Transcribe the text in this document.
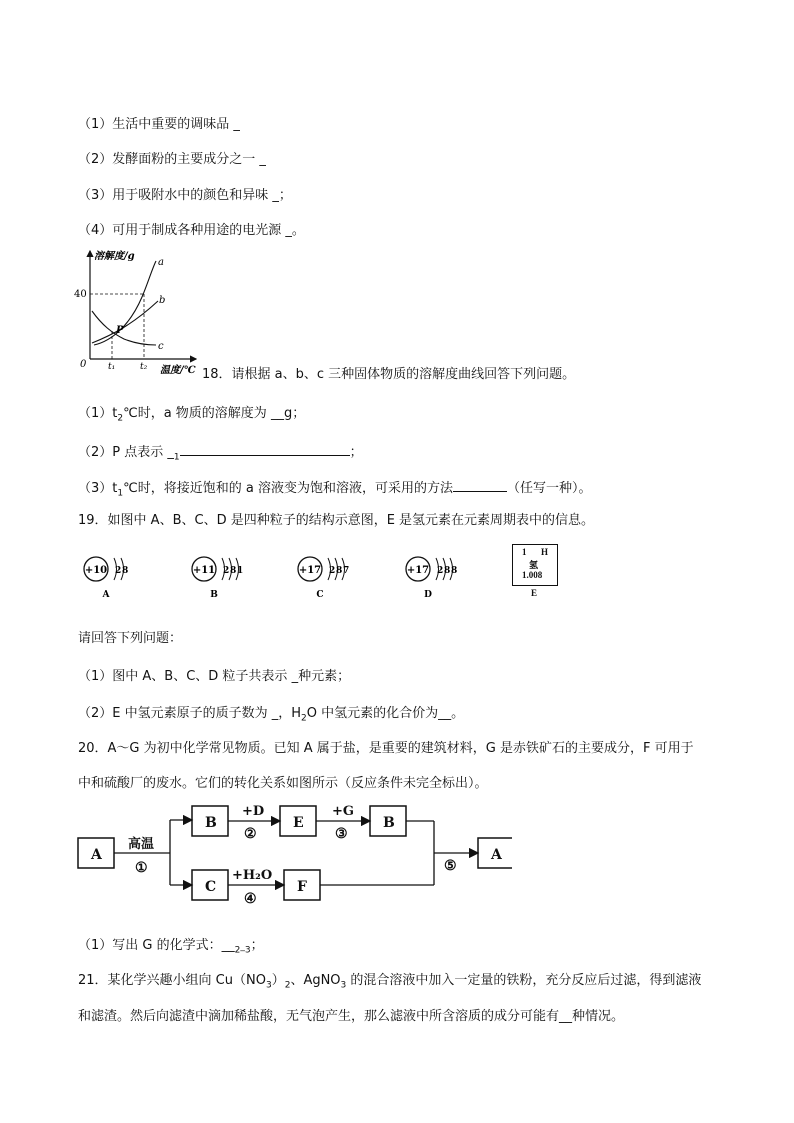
（1）生活中重要的调味品 _
（2）发酵面粉的主要成分之一 _
（3）用于吸附水中的颜色和异味 _；
（4）可用于制成各种用途的电光源 _。
溶解度/g
0
40
a
b
c
P
t₁	t₂ 温度/℃ 18．请根据 a、b、c 三种固体物质的溶解度曲线回答下列问题。
$(1)t_2℃$时，a 物质的溶解度为 __g；
（2）P 点表示 $\__1$	；
$(3)t_1℃$时，将接近饱和的 a 溶液变为饱和溶液，可采用的方法	（任写一种）。
19．如图中 A、B、C、D 是四种粒子的结构示意图，E 是氢元素在元素周期表中的信息。
+10 2 8
A
+11 2 8 1
B
+17 2 8 7
C
+17 2 8 8
D
1 H
氢
1.008
E
请回答下列问题：
（1）图中 A、B、C、D 粒子共表示 _种元素；
（2）E 中氢元素原子的质子数为 _，$H_2O$ 中氢元素的化合价为__。
20．A～G 为初中化学常见物质。已知 A 属于盐，是重要的建筑材料，G 是赤铁矿石的主要成分，F 可用于
中和硫酸厂的废水。它们的转化关系如图所示（反应条件未完全标出）。
A
高温
①
B
+D
②
E
+G
③
B
C
+H₂O
④
F
⑤
A
（1）写出 G 的化学式：$\_\__2\__3$；
21．某化学兴趣小组向 $Cu(NO_3)_2$、AgNO$_3$ 的混合溶液中加入一定量的铁粉，充分反应后过滤，得到滤液
和滤渣。然后向滤渣中滴加稀盐酸，无气泡产生，那么滤液中所含溶质的成分可能有__种情况。
